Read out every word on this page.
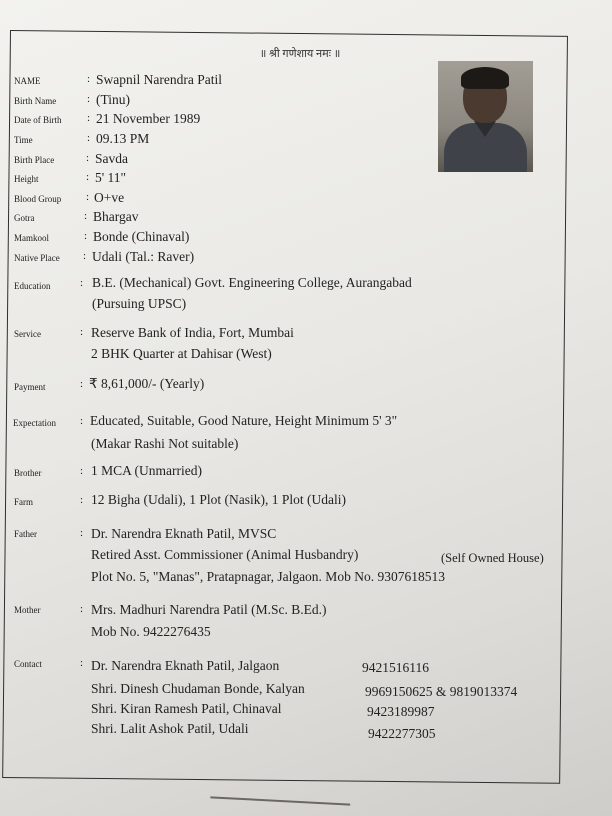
॥ श्री गणेशाय नमः ॥
NAME	: Swapnil Narendra Patil
Birth Name	: (Tinu)
Date of Birth : 21 November 1989
Time	: 09.13 PM
Birth Place	: Savda
Height	: 5' 11"
Blood Group : O+ve
Gotra	: Bhargav
Mamkool	: Bonde (Chinaval)
Native Place : Udali (Tal.: Raver)
Education	: B.E. (Mechanical) Govt. Engineering College, Aurangabad
(Pursuing UPSC)
Service	: Reserve Bank of India, Fort, Mumbai
2 BHK Quarter at Dahisar (West)
Payment	: ₹ 8,61,000/- (Yearly)
Expectation : Educated, Suitable, Good Nature, Height Minimum 5' 3"
(Makar Rashi Not suitable)
Brother	: 1 MCA (Unmarried)
Farm	: 12 Bigha (Udali), 1 Plot (Nasik), 1 Plot (Udali)
Father	: Dr. Narendra Eknath Patil, MVSC
Retired Asst. Commissioner (Animal Husbandry)	(Self Owned House)
Plot No. 5, "Manas", Pratapnagar, Jalgaon. Mob No. 9307618513
Mother	: Mrs. Madhuri Narendra Patil (M.Sc. B.Ed.)
Mob No. 9422276435
Contact	: Dr. Narendra Eknath Patil, Jalgaon	9421516116
Shri. Dinesh Chudaman Bonde, Kalyan	9969150625 & 9819013374
Shri. Kiran Ramesh Patil, Chinaval	9423189987
Shri. Lalit Ashok Patil, Udali	9422277305
